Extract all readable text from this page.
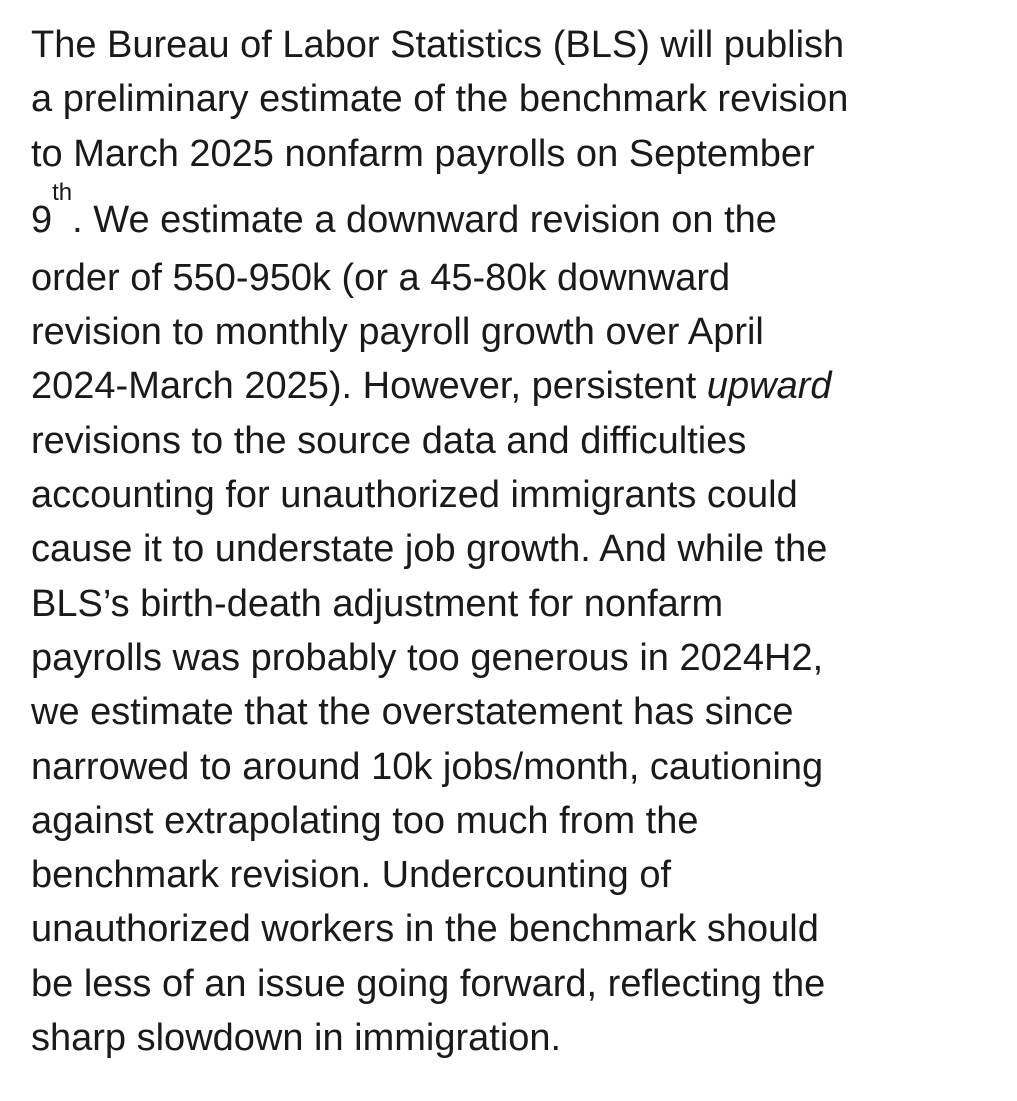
The Bureau of Labor Statistics (BLS) will publish
a preliminary estimate of the benchmark revision
to March 2025 nonfarm payrolls on September
9th. We estimate a downward revision on the
order of 550-950k (or a 45-80k downward
revision to monthly payroll growth over April
2024-March 2025). However, persistent upward
revisions to the source data and difficulties
accounting for unauthorized immigrants could
cause it to understate job growth. And while the
BLS’s birth-death adjustment for nonfarm
payrolls was probably too generous in 2024H2,
we estimate that the overstatement has since
narrowed to around 10k jobs/month, cautioning
against extrapolating too much from the
benchmark revision. Undercounting of
unauthorized workers in the benchmark should
be less of an issue going forward, reflecting the
sharp slowdown in immigration.
